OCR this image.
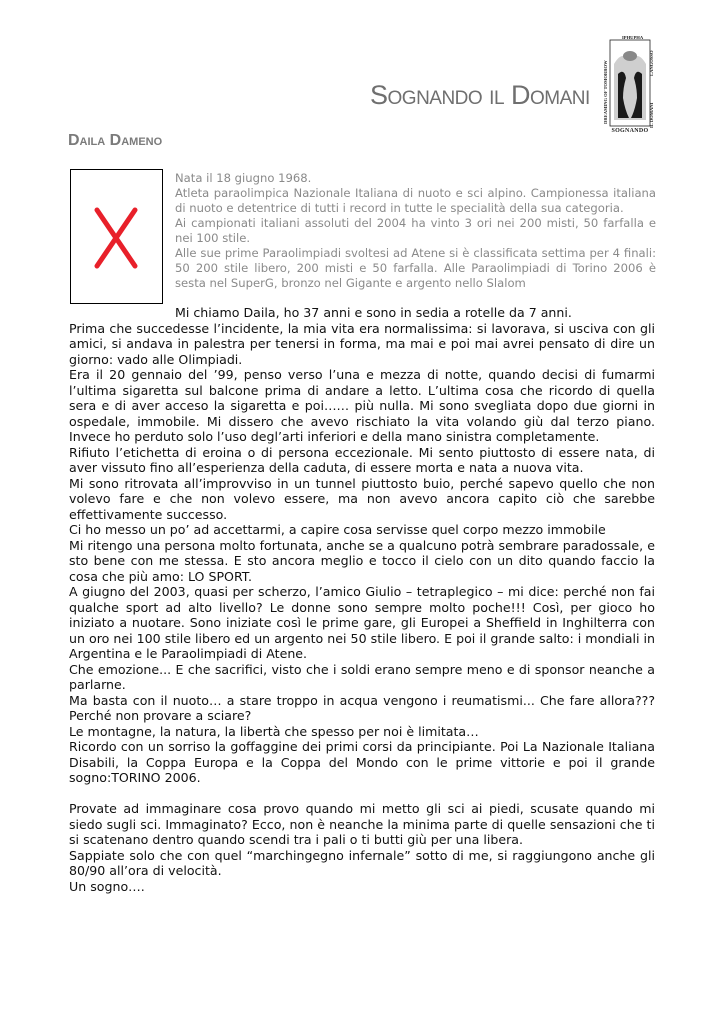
Sognando il Domani	DREAMING OF TOMORROW	IL DOMANI
LANGOSSO
IPHUPHA
SOGNANDO
Daila Dameno

Nata il 18 giugno 1968.

Atleta paraolimpica Nazionale Italiana di nuoto e sci alpino. Campionessa italiana di nuoto e detentrice di tutti i record in tutte le specialità della sua categoria.

Ai campionati italiani assoluti del 2004 ha vinto 3 ori nei 200 misti, 50 farfalla e nei 100 stile.

Alle sue prime Paraolimpiadi svoltesi ad Atene si è classificata settima per 4 finali: 50 200 stile libero, 200 misti e 50 farfalla. Alle Paraolimpiadi di Torino 2006 è sesta nel SuperG, bronzo nel Gigante e argento nello Slalom

Mi chiamo Daila, ho 37 anni e sono in sedia a rotelle da 7 anni.

Prima che succedesse l’incidente, la mia vita era normalissima: si lavorava, si usciva con gli amici, si andava in palestra per tenersi in forma, ma mai e poi mai avrei pensato di dire un giorno: vado alle Olimpiadi.

Era il 20 gennaio del ’99, penso verso l’una e mezza di notte, quando decisi di fumarmi l’ultima sigaretta sul balcone prima di andare a letto. L’ultima cosa che ricordo di quella sera e di aver acceso la sigaretta e poi…… più nulla. Mi sono svegliata dopo due giorni in ospedale, immobile. Mi dissero che avevo rischiato la vita volando giù dal terzo piano. Invece ho perduto solo l’uso degl’arti inferiori e della mano sinistra completamente.

Rifiuto l’etichetta di eroina o di persona eccezionale. Mi sento piuttosto di essere nata, di aver vissuto fino all’esperienza della caduta, di essere morta e nata a nuova vita.

Mi sono ritrovata all’improvviso in un tunnel piuttosto buio, perché sapevo quello che non volevo fare e che non volevo essere, ma non avevo ancora capito ciò che sarebbe effettivamente successo.

Ci ho messo un po’ ad accettarmi, a capire cosa servisse quel corpo mezzo immobile

Mi ritengo una persona molto fortunata, anche se a qualcuno potrà sembrare paradossale, e sto bene con me stessa. E sto ancora meglio e tocco il cielo con un dito quando faccio la cosa che più amo: LO SPORT.

A giugno del 2003, quasi per scherzo, l’amico Giulio – tetraplegico – mi dice: perché non fai qualche sport ad alto livello? Le donne sono sempre molto poche!!! Così, per gioco ho iniziato a nuotare. Sono iniziate così le prime gare, gli Europei a Sheffield in Inghilterra con un oro nei 100 stile libero ed un argento nei 50 stile libero. E poi il grande salto: i mondiali in Argentina e le Paraolimpiadi di Atene.

Che emozione... E che sacrifici, visto che i soldi erano sempre meno e di sponsor neanche a parlarne.

Ma basta con il nuoto… a stare troppo in acqua vengono i reumatismi... Che fare allora??? Perché non provare a sciare?

Le montagne, la natura, la libertà che spesso per noi è limitata…

Ricordo con un sorriso la goffaggine dei primi corsi da principiante. Poi La Nazionale Italiana Disabili, la Coppa Europa e la Coppa del Mondo con le prime vittorie e poi il grande sogno:TORINO 2006.

Provate ad immaginare cosa provo quando mi metto gli sci ai piedi, scusate quando mi siedo sugli sci. Immaginato? Ecco, non è neanche la minima parte di quelle sensazioni che ti si scatenano dentro quando scendi tra i pali o ti butti giù per una libera.

Sappiate solo che con quel “marchingegno infernale” sotto di me, si raggiungono anche gli 80/90 all’ora di velocità.

Un sogno….
